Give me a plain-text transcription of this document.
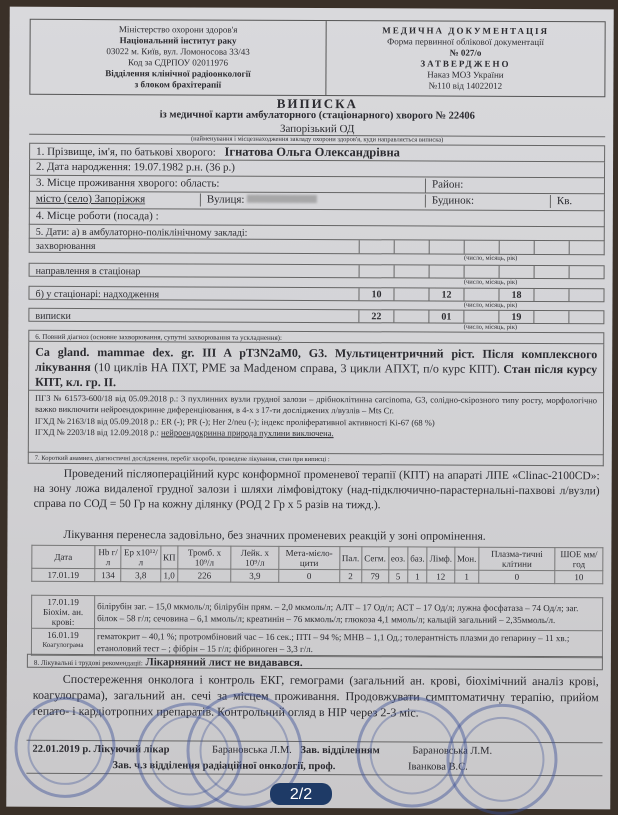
Міністерство охорони здоров'я
Національний інститут раку
03022 м. Київ, вул. Ломоносова 33/43
Код за СДРПОУ 02011976
Відділення клінічної радіоонкології
з блоком брахітерапії
МЕДИЧНА ДОКУМЕНТАЦІЯ
Форма первинної облікової документації
№ 027/о
ЗАТВЕРДЖЕНО
Наказ МОЗ України
№110 від 14022012
ВИПИСКА
із медичної карти амбулаторного (стаціонарного) хворого № 22406
Запорізький ОД
(найменування і місцезнаходження закладу охорони здоров'я, куди направляється виписка)
1. Прізвище, ім'я, по батькові хворого: Ігнатова Ольга Олександрівна
2. Дата народження: 19.07.1982 р.н. (36 р.)
3. Місце проживання хворого: область:	Район:
місто (село) Запоріжжя	Вулиця:	Будинок:	Кв.
4. Місце роботи (посада) :
5. Дати: а) в амбулаторно-поліклінічному закладі:
захворювання
(число, місяць, рік)
направлення в стаціонар
(число, місяць, рік)
б) у стаціонарі: надходження	10	12	18
(число, місяць, рік)
виписки	22	01	19
(число, місяць, рік)
6. Повний діагноз (основне захворювання, супутні захворювання та ускладнення):
Ca gland. mammae dex. gr. III A pT3N2aM0, G3. Мультицентричний ріст. Після комплексного лікування (10 циклів НА ПХТ, РМЕ за Madденом справа, 3 цикли АПХТ, п/о курс КПТ). Стан після курсу КПТ, кл. гр. II.
ПГЗ № 61573-600/18 від 05.09.2018 р.: 3 пухлинних вузли грудної залози – дрібноклітинна carcinoma, G3, солідно-скірозного типу росту, морфологічно важко виключити нейроендокринне диференціювання, в 4-х з 17-ти досліджених л/вузлів – Mts Cr.
ІГХД № 2163/18 від 05.09.2018 р.: ER (-); PR (-); Her 2/neu (-); індекс проліферативної активності Ki-67 (68 %)
ІГХД № 2203/18 від 12.09.2018 р.: нейроендокринна природа пухлини виключена.
7. Короткий анамнез, діагностичні дослідження, перебіг хвороби, проведене лікування, стан при виписці :
Проведений післяопераційний курс конформної променевої терапії (КПТ) на апараті ЛПЕ «Clinac-2100CD»: на зону ложа видаленої грудної залози і шляхи лімфовідтоку (над-підключично-парастернальні-пахвові л/вузли) справа по СОД = 50 Гр на кожну ділянку (РОД 2 Гр х 5 разів на тижд.).
Лікування перенесла задовільно, без значних променевих реакцій у зоні опромінення.
Дата	Hb г/л	Ер x10¹²/л	КП	Тромб. x 10⁹/л	Лейк. x 10⁹/л	Мета-мієло-цити	Пал.	Сегм.	еоз.	баз.	Лімф.	Мон.	Плазма-тичні клітини	ШОЕ мм/год
17.01.19	134	3,8	1,0	226	3,9	0	2	79	5	1	12	1	0	10
17.01.19
Біохім. ан. крові:	білірубін заг. – 15,0 мкмоль/л; білірубін прям. – 2,0 мкмоль/л; АЛТ – 17 Од/л; АСТ – 17 Од/л; лужна фосфатаза – 74 Од/л; заг. білок – 58 г/л; сечовина – 6,1 ммоль/л; креатинін – 76 мкмоль/л; глюкоза 4,1 ммоль/л; кальцій загальний – 2,35ммоль/л.

16.01.19
Коагулограма	гематокрит – 40,1 %; протромбіновий час – 16 сек.; ПТІ – 94 %; МНВ – 1,1 Од.; толерантність плазми до гепарину – 11 хв.; етаноловий тест – ; фібрін – 15 г/л; фібриноген – 3,3 г/л.
8. Лікувальні і трудові рекомендації: Лікарняний лист не видавався.
Спостереження онколога і контроль ЕКГ, гемограми (загальний ан. крові, біохімічний аналіз крові, коагулограма), загальний ан. сечі за місцем проживання. Продовжувати симптоматичну терапію, прийом гепато- і кардіотропних препаратів. Контрольний огляд в НІР через 2-3 міс.
22.01.2019 р. Лікуючий лікар	Барановська Л.М. Зав. відділенням	Барановська Л.М.
Зав. ч.з відділення радіаційної онкології, проф.	Іванкова В.С.
2/2
